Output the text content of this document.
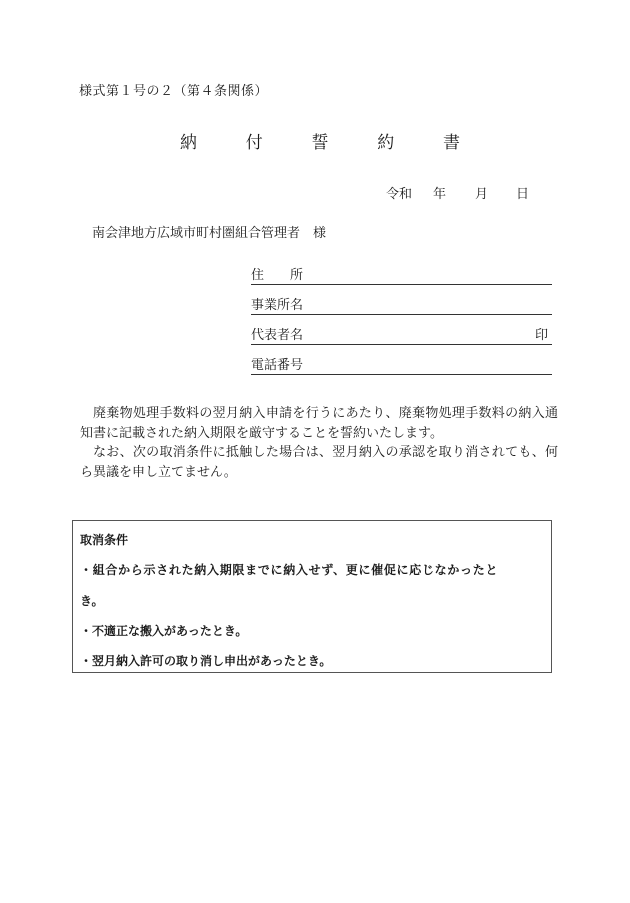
様式第１号の２（第４条関係）
納	付	誓	約	書
令和 年 月 日
南会津地方広域市町村圏組合管理者　様
住　　所
事業所名
代表者名	印
電話番号

廃棄物処理手数料の翌月納入申請を行うにあたり、廃棄物処理手数料の納入通知書に記載された納入期限を厳守することを誓約いたします。

なお、次の取消条件に抵触した場合は、翌月納入の承認を取り消されても、何ら異議を申し立てません。

取消条件
・組合から示された納入期限までに納入せず、更に催促に応じなかったと
き。
・不適正な搬入があったとき。
・翌月納入許可の取り消し申出があったとき。
